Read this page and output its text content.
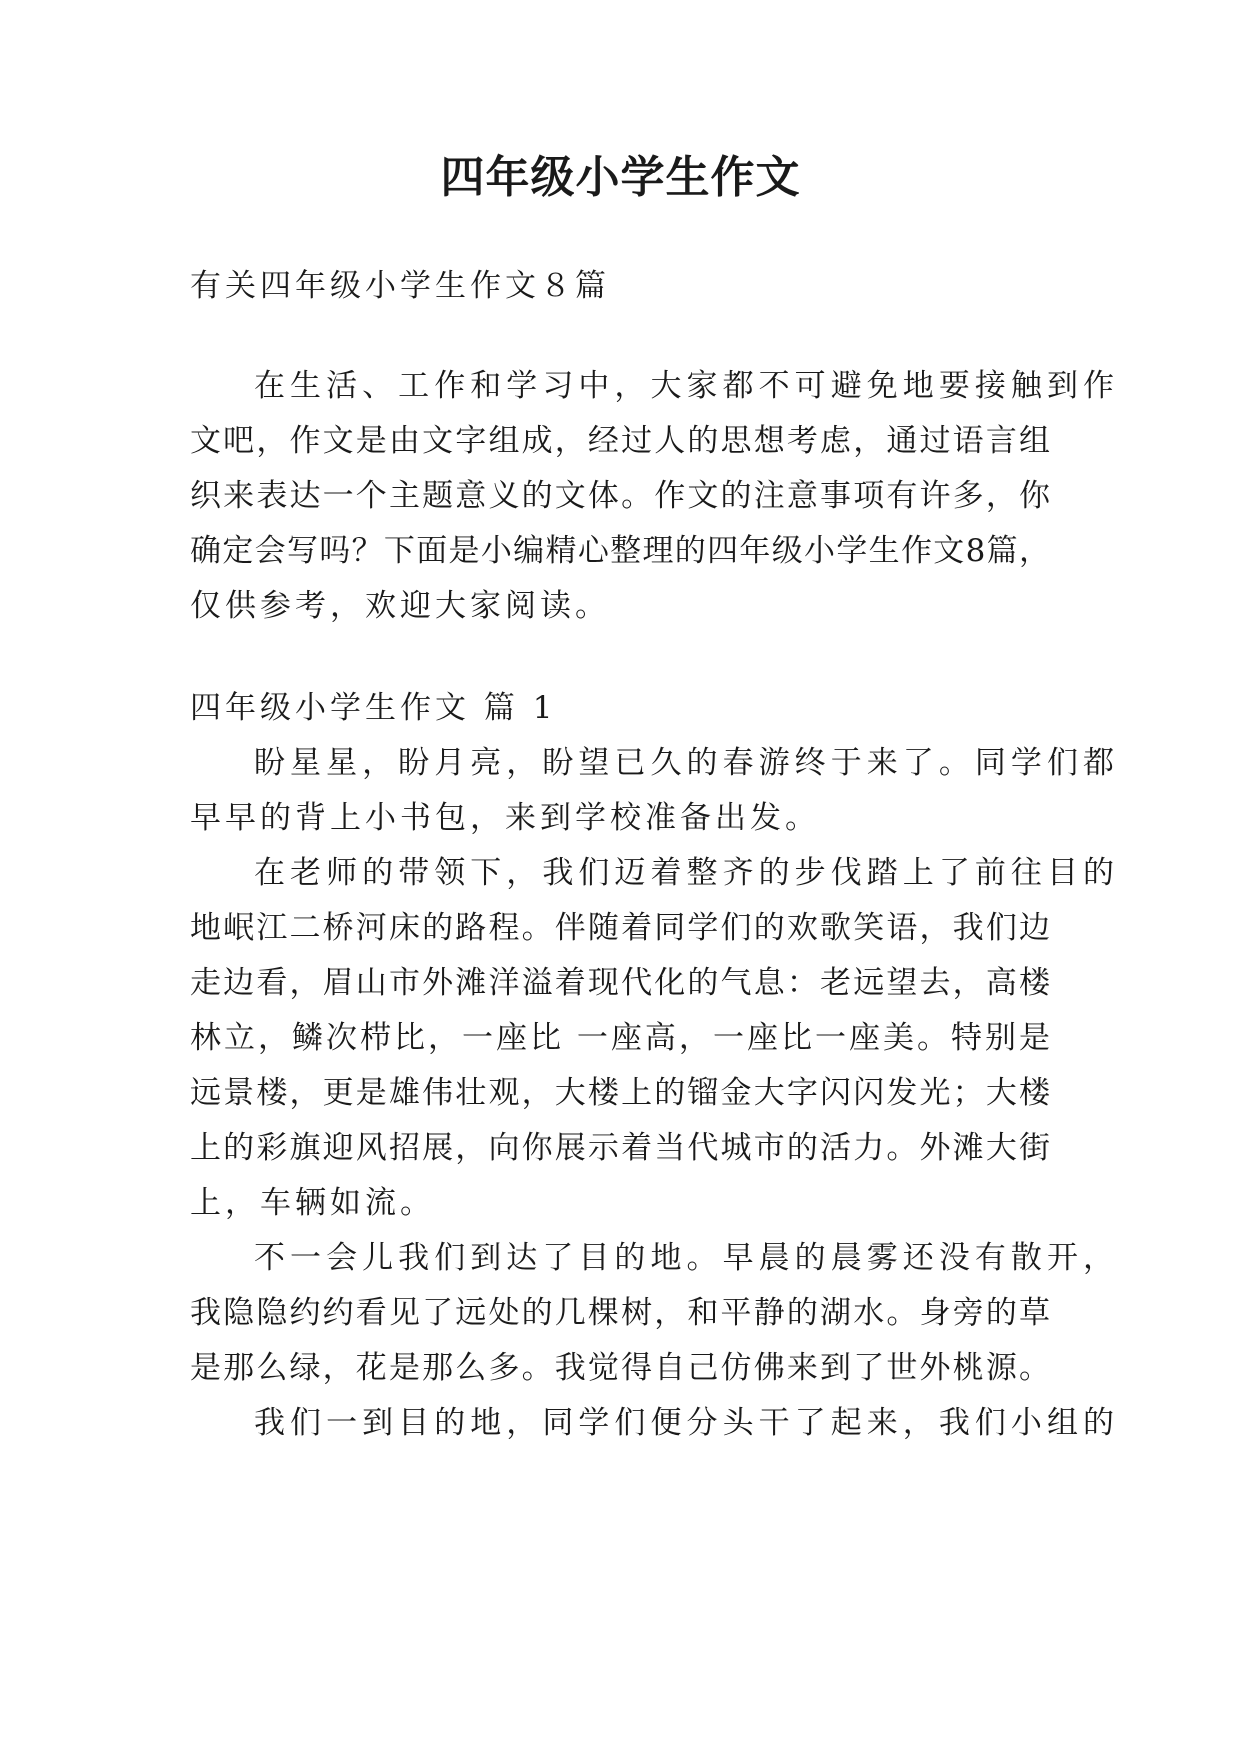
四年级小学生作文
有关四年级小学生作文８篇
在生活、工作和学习中，大家都不可避免地要接触到作
文吧，作文是由文字组成，经过人的思想考虑，通过语言组
织来表达一个主题意义的文体。作文的注意事项有许多，你
确定会写吗？下面是小编精心整理的四年级小学生作文8篇，
仅供参考，欢迎大家阅读。
四年级小学生作文 篇 1
盼星星，盼月亮，盼望已久的春游终于来了。同学们都
早早的背上小书包，来到学校准备出发。
在老师的带领下，我们迈着整齐的步伐踏上了前往目的
地岷江二桥河床的路程。伴随着同学们的欢歌笑语，我们边
走边看，眉山市外滩洋溢着现代化的气息：老远望去，高楼
林立，鳞次栉比，一座比 一座高，一座比一座美。特别是
远景楼，更是雄伟壮观，大楼上的镏金大字闪闪发光；大楼
上的彩旗迎风招展，向你展示着当代城市的活力。外滩大街
上，车辆如流。
不一会儿我们到达了目的地。早晨的晨雾还没有散开，
我隐隐约约看见了远处的几棵树，和平静的湖水。身旁的草
是那么绿，花是那么多。我觉得自己仿佛来到了世外桃源。
我们一到目的地，同学们便分头干了起来，我们小组的
